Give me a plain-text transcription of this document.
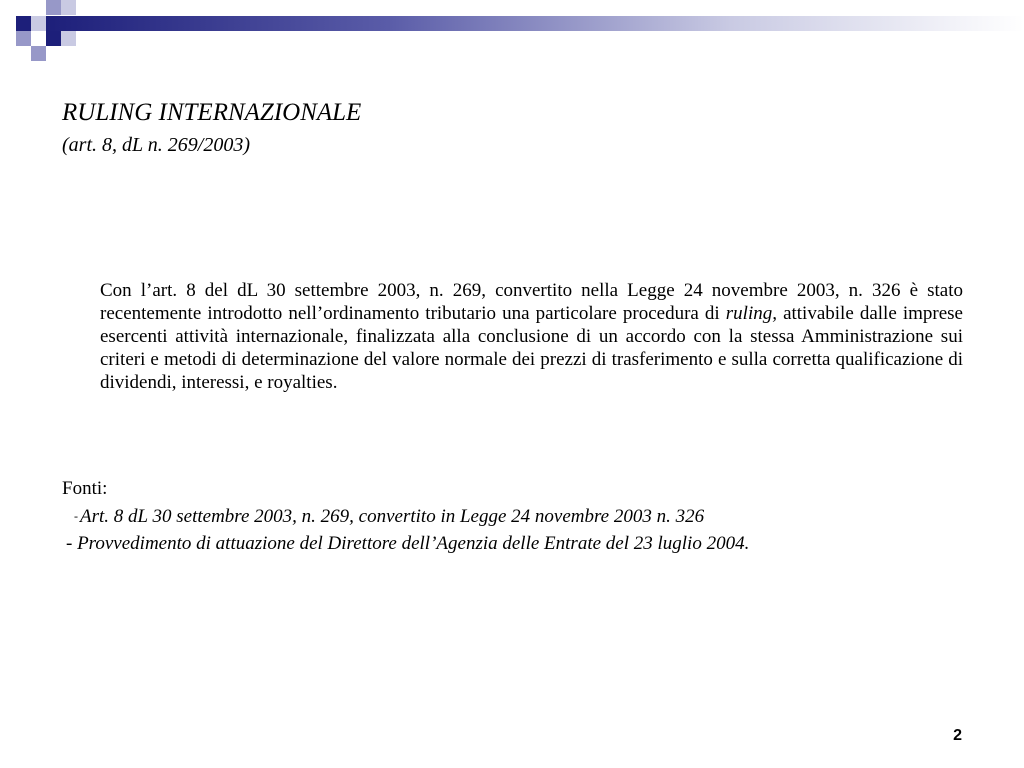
RULING INTERNAZIONALE

(art. 8, dL n. 269/2003)

Con l’art. 8 del dL 30 settembre 2003, n. 269, convertito nella Legge 24 novembre 2003, n. 326 è stato recentemente introdotto nell’ordinamento tributario una particolare procedura di ruling, attivabile dalle imprese esercenti attività internazionale, finalizzata alla conclusione di un accordo con la stessa Amministrazione sui criteri e metodi di determinazione del valore normale dei prezzi di trasferimento e sulla corretta qualificazione di dividendi, interessi, e royalties.

Fonti:

- Art. 8 dL 30 settembre 2003, n. 269, convertito in Legge 24 novembre 2003 n. 326

- Provvedimento di attuazione del Direttore dell’Agenzia delle Entrate del 23 luglio 2004.

2
